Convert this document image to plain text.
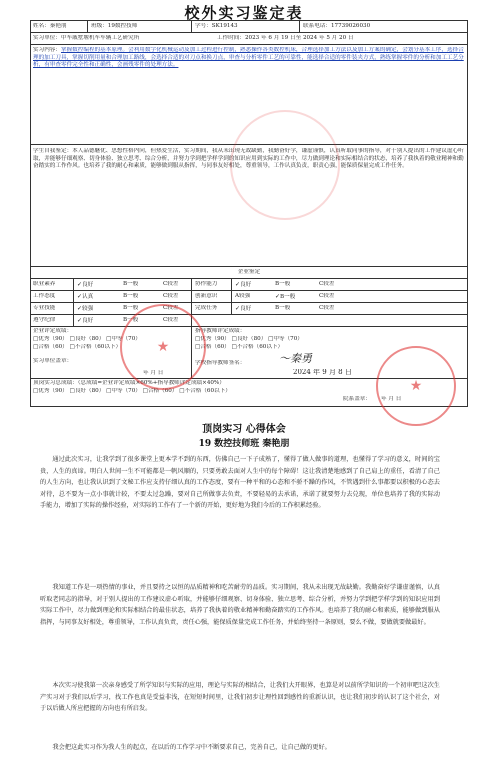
校外实习鉴定表
姓名：秦艳朋	班级：19数控技师	学号：SK19143	联系电话：17739026030
实习单位：中车戚墅堰机车车辆工艺研究所	工作时间：2023 年 6 月 19 日至 2024 年 5 月 20 日
实习内容：掌握数控编程的基本原理。会利用数字化机械运动及加工过程进行控制，熟悉操作各类数控机床，合理选择加工方法以及加工方案的确定，会划分基本工序，选择合理的加工刀具，掌握切削用量和合理加工路线，会选择合适的对刀点和换刀点，审查与分析零件工艺的可靠性，能选择合适的零件装夹方式，熟练掌握零件的分析和加工工艺分析，有审查零件完全性和正确性，会画残零件的处理方法。
学生自我鉴定：本人品德魅优、思想性格内向，但热爱生活，实习期间，我从未出现无故缺勤，我勤奋好学，谦虚谨慎，认真听取同事的指导，对于别人提出的工作建议虚心听取，并能够仔细观察、切身体验、独立思考、综合分析，并努力学到把学样学到的知识应用到实际的工作中，尽力做到理论和实际相结合的状态，培养了我执着的敬业精神和勤奋踏实的工作作风。也培养了我的耐心和素质，能够做到服从指挥，与同事友好相处，尊重领导，工作认真负责，职责心强，能保质保量完成工作任务。
企业鉴定
职业素养	✓良好	B一般	C较差	协作能力	✓良好	B一般	C较差
工作态度	✓认真	B一般	C较差	创新意识	A较强	✓B一般	C较差
专业技能	✓较强	B一般	C较差	完成任务	✓良好	B一般	C较差
遵守纪律	✓良好	B一般	C较差
企业评定成绩：
□优秀（90） □良好（80） □中等（70）
□合格（60） □不合格（60以下）
实习单位盖章：
年 月 日
指导教师评定成绩：
□优秀（90） □良好（80） □中等（70）
□合格（60） □不合格（60以下）
学校指导教师签名：	～秦勇
2024 年 9 月 8 日
顶岗实习总成绩：（总成绩=企业评定成绩×60%+指导教师评定成绩×40%）
□优秀（90） □良好（80） □中等（70） □合格（60） □不合格（60以下）
院系盖章： 年 月 日
★
★
顶岗实习 心得体会
19 数控技师班 秦艳朋
通过此次实习，让我学到了很多课堂上更本学不到的东西，仿佛自己一下子成熟了，懂得了做人做事的道理，也懂得了学习的意义，时间的宝贵，人生的真谛。明白人世间一生不可能都是一帆风顺的，只要勇敢去面对人生中的每个障碍！这让我清楚地感到了自己肩上的重任，看清了自己的人生方向，也让我认识到了文秘工作应支持仔细认真的工作态度，要有一种平和的心态和不骄不躁的作风，不管遇到什么事都要以积极的心态去对待，总不要为一点小事就计较，不要太过急躁，要对自己所做事去负责，不要轻易的去承诺，承诺了就要努力去兑现，单位也培养了我的实际动手能力，增加了实际的操作经验，对实际的工作有了一个新的开始，更好地为我们今后的工作积累经验。
我知道工作是一项热情的事业，并且要持之以恒的品质精神和吃苦耐劳的品质。实习期间，我从未出现无故缺勤。我勤奋好学谦虚谨慎，认真听取老同志的指导，对于别人提出的工作建议虚心听取，并能够仔细观察、切身体验、独立思考、综合分析，并努力学到把学样学到的知识应用到实际工作中，尽力做到理论和实际相结合的最佳状态，培养了我执着的敬业精神和勤奋踏实的工作作风。也培养了我的耐心和素质，能够做到服从指挥，与同事友好相处，尊重领导，工作认真负责，责任心强，能保质保量完成工作任务，并始终坚持一条原则，要么不做，要做就要做最好。
本次实习使我第一次亲身感受了所学知识与实际的应用，理论与实际的相结合，让我们大开眼界，也算是对以前所学知识的一个初审吧!这次生产实习对于我们以后学习，找工作也真是受益非浅，在短短时间里，让我们初步让理性回到感性的重新认识，也让我们初步的认识了这个社会，对于以后做人所应把握的方向也有所启发。
我会把这此实习作为我人生的起点，在以后的工作学习中不断要求自己，完善自己，让自己做的更好。
